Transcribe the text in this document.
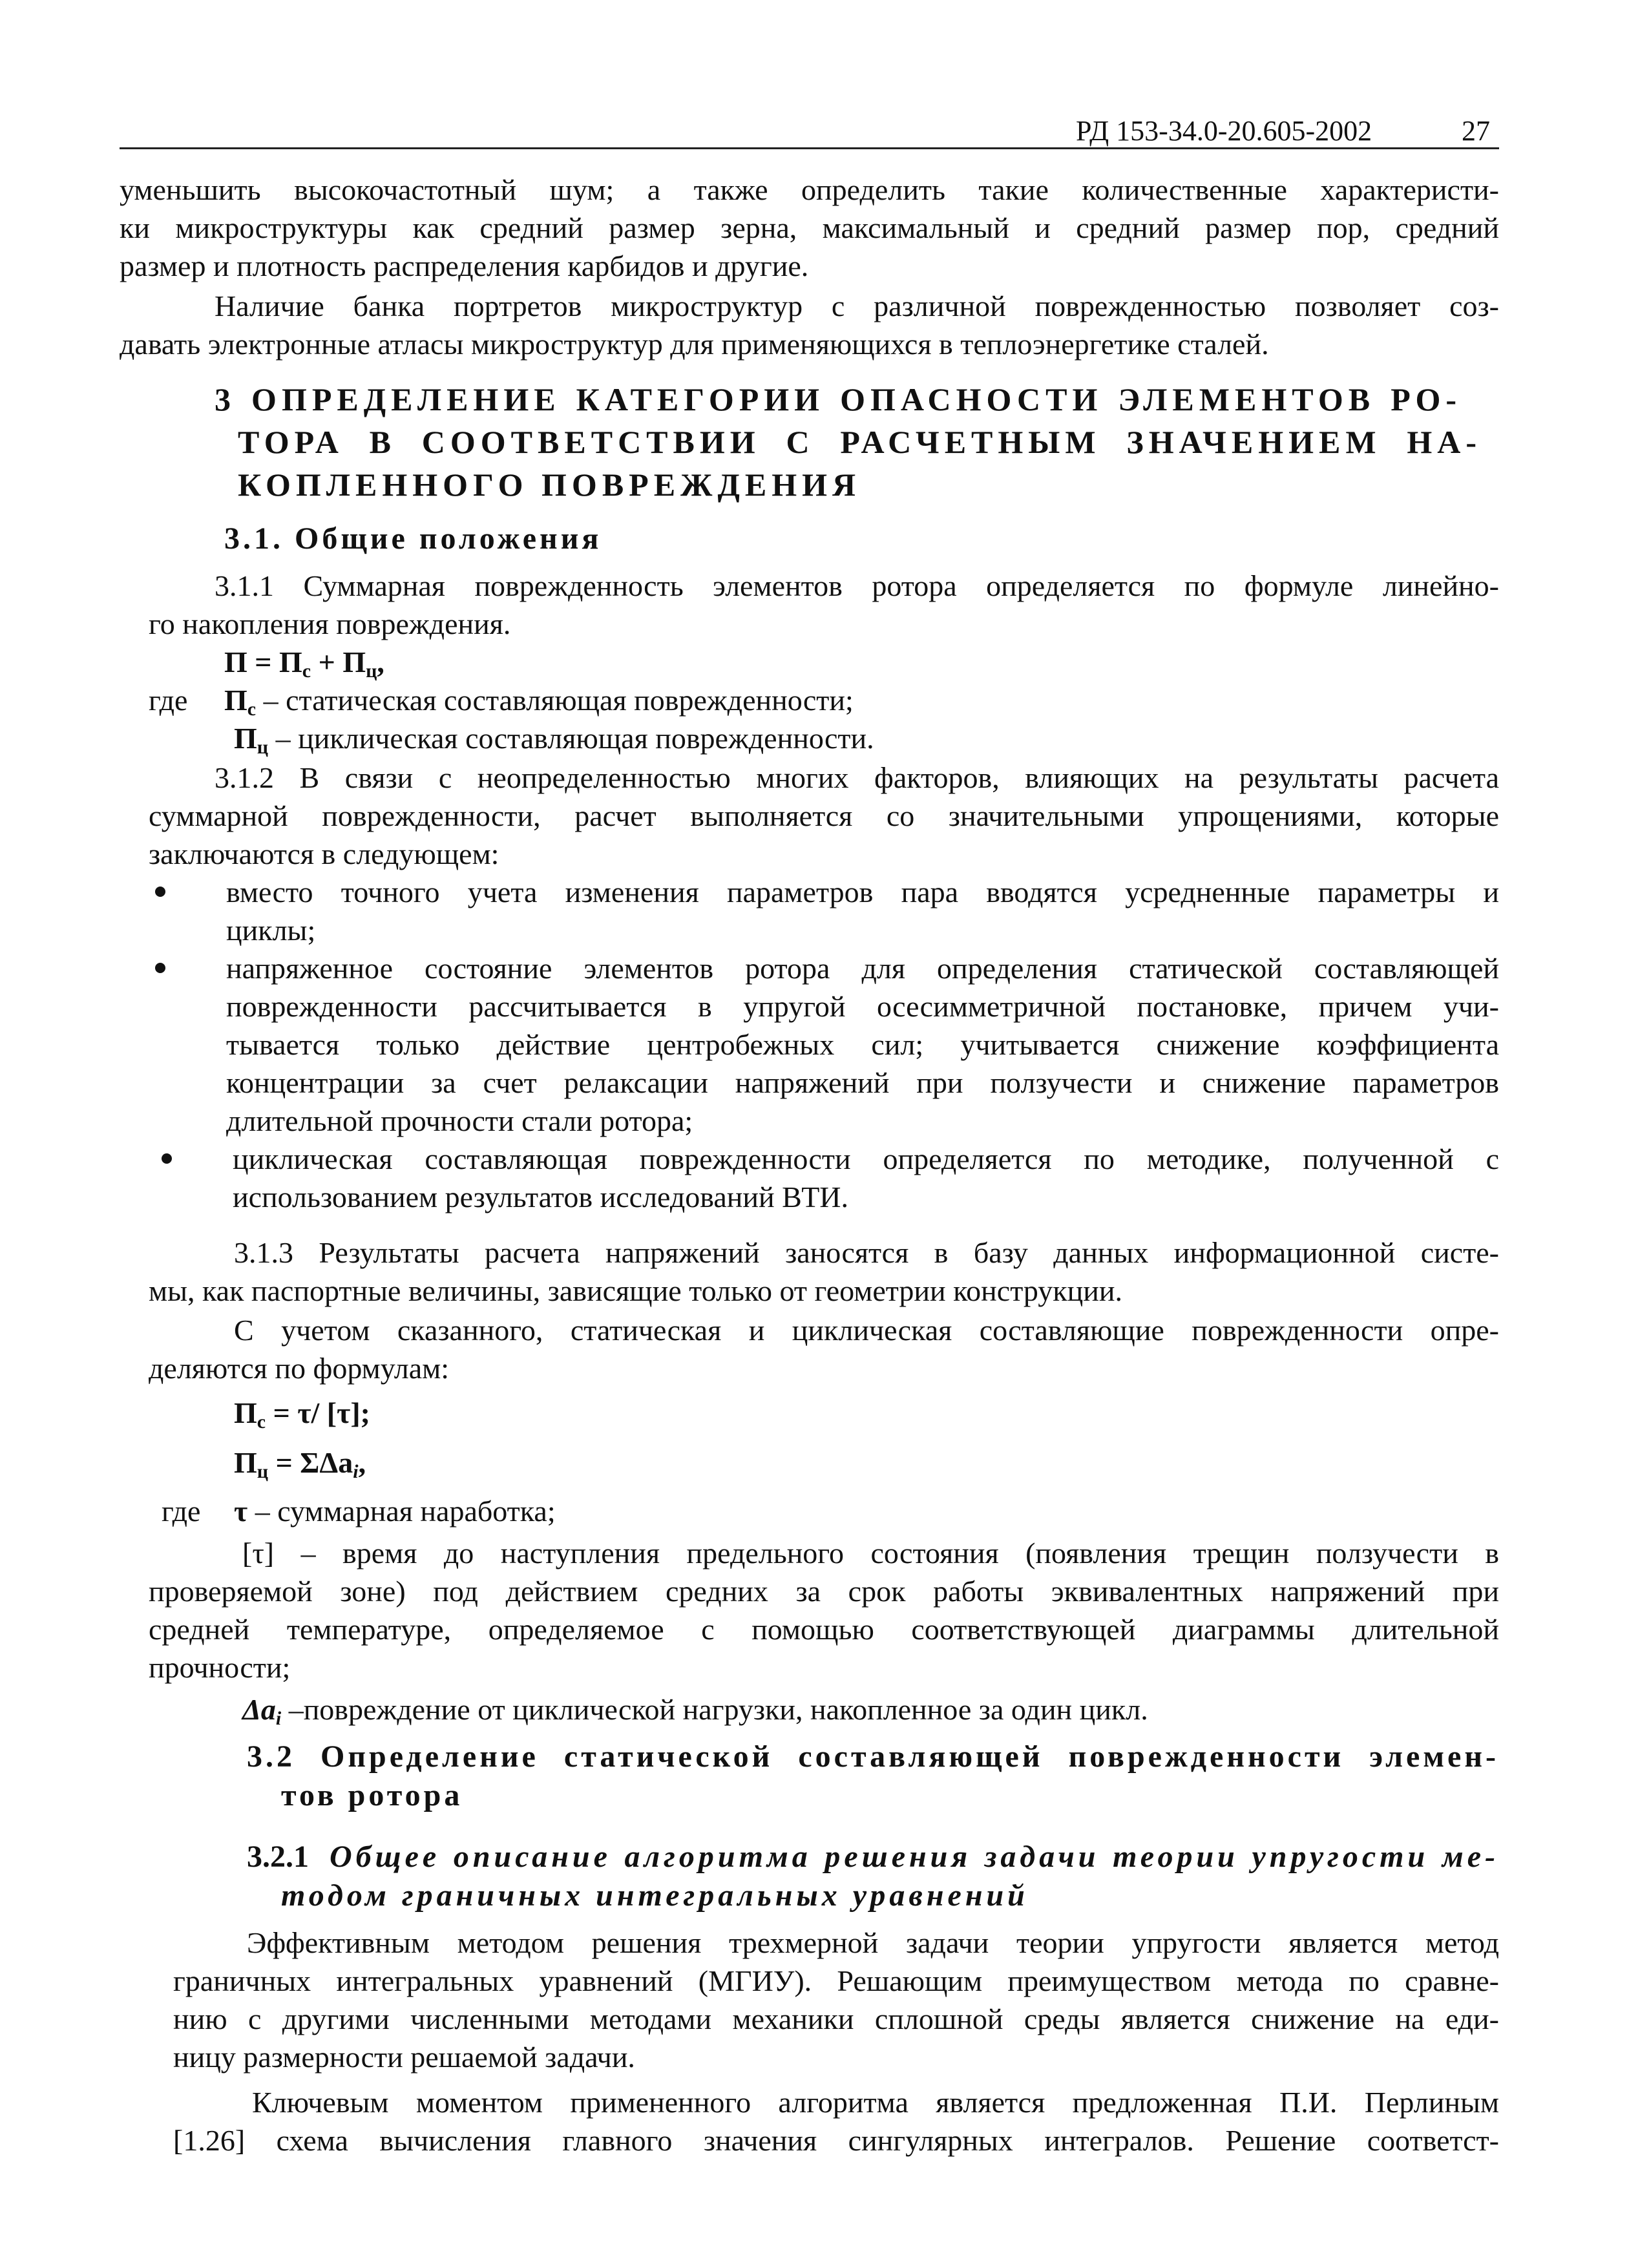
РД 153-34.0-20.605-2002	27
уменьшить высокочастотный шум; а также определить такие количественные характеристи-
ки микроструктуры как средний размер зерна, максимальный и средний размер пор, средний
размер и плотность распределения карбидов и другие.
Наличие банка портретов микроструктур с различной поврежденностью позволяет соз-
давать электронные атласы микроструктур для применяющихся в теплоэнергетике сталей.
3 ОПРЕДЕЛЕНИЕ КАТЕГОРИИ ОПАСНОСТИ ЭЛЕМЕНТОВ РО-
ТОРА В СООТВЕТСТВИИ С РАСЧЕТНЫМ ЗНАЧЕНИЕМ НА-
КОПЛЕННОГО ПОВРЕЖДЕНИЯ
3.1. Общие положения
3.1.1 Суммарная поврежденность элементов ротора определяется по формуле линейно-
го накопления повреждения.
$П = П_с + П_ц$,
где $П_с$ – статическая составляющая поврежденности;
$П_ц$ – циклическая составляющая поврежденности.
3.1.2 В связи с неопределенностью многих факторов, влияющих на результаты расчета
суммарной поврежденности, расчет выполняется со значительными упрощениями, которые
заключаются в следующем:
вместо точного учета изменения параметров пара вводятся усредненные параметры и
циклы;
напряженное состояние элементов ротора для определения статической составляющей
поврежденности рассчитывается в упругой осесимметричной постановке, причем учи-
тывается только действие центробежных сил; учитывается снижение коэффициента
концентрации за счет релаксации напряжений при ползучести и снижение параметров
длительной прочности стали ротора;
циклическая составляющая поврежденности определяется по методике, полученной с
использованием результатов исследований ВТИ.
3.1.3 Результаты расчета напряжений заносятся в базу данных информационной систе-
мы, как паспортные величины, зависящие только от геометрии конструкции.
С учетом сказанного, статическая и циклическая составляющие поврежденности опре-
деляются по формулам:
$П_с = \tau/$ [τ];
$П_ц = \Sigma\Delta a_i$,
где τ – суммарная наработка;
[τ] – время до наступления предельного состояния (появления трещин ползучести в
проверяемой зоне) под действием средних за срок работы эквивалентных напряжений при
средней температуре, определяемое с помощью соответствующей диаграммы длительной
прочности;
$\Delta a_i$ –повреждение от циклической нагрузки, накопленное за один цикл.
3.2 Определение статической составляющей поврежденности элемен-
тов ротора
3.2.1 Общее описание алгоритма решения задачи теории упругости ме-
тодом граничных интегральных уравнений
Эффективным методом решения трехмерной задачи теории упругости является метод
граничных интегральных уравнений (МГИУ). Решающим преимуществом метода по сравне-
нию с другими численными методами механики сплошной среды является снижение на еди-
ницу размерности решаемой задачи.
Ключевым моментом примененного алгоритма является предложенная П.И. Перлиным
[1.26] схема вычисления главного значения сингулярных интегралов. Решение соответст-
